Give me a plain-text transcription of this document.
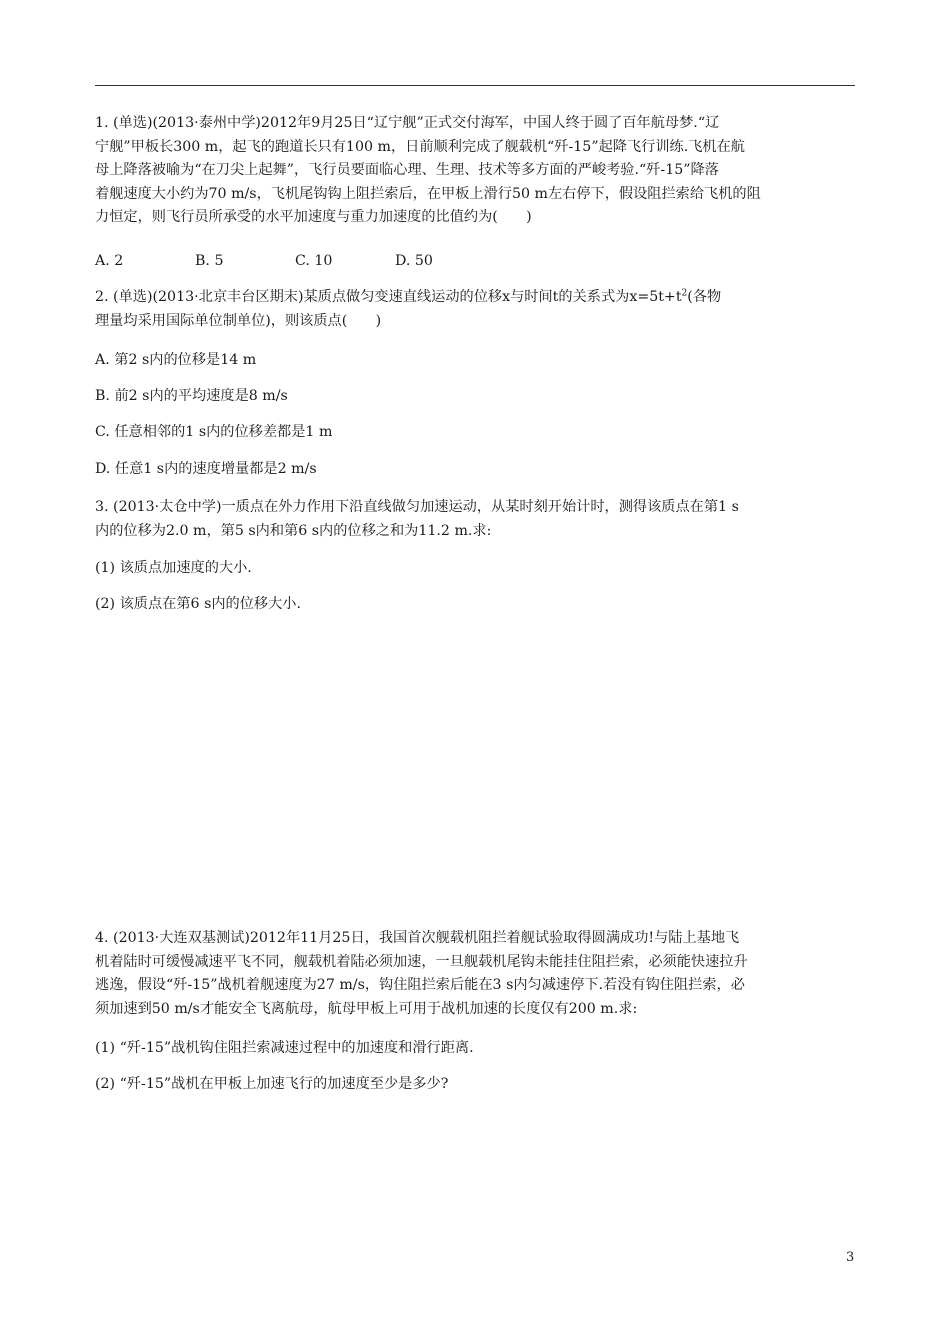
1. (单选)(2013·泰州中学)2012年9月25日“辽宁舰”正式交付海军，中国人终于圆了百年航母梦.“辽
宁舰”甲板长300 m，起飞的跑道长只有100 m，日前顺利完成了舰载机“歼-15”起降飞行训练.飞机在航
母上降落被喻为“在刀尖上起舞”，飞行员要面临心理、生理、技术等多方面的严峻考验.“歼-15”降落
着舰速度大小约为70 m/s，飞机尾钩钩上阻拦索后，在甲板上滑行50 m左右停下，假设阻拦索给飞机的阻
力恒定，则飞行员所承受的水平加速度与重力加速度的比值约为(　　)
A. 2	B. 5	C. 10	D. 50
2. (单选)(2013·北京丰台区期末)某质点做匀变速直线运动的位移x与时间t的关系式为$x=5t+t^2$(各物
理量均采用国际单位制单位)，则该质点(　　)
A. 第2 s内的位移是14 m
B. 前2 s内的平均速度是8 m/s
C. 任意相邻的1 s内的位移差都是1 m
D. 任意1 s内的速度增量都是2 m/s
3. (2013·太仓中学)一质点在外力作用下沿直线做匀加速运动，从某时刻开始计时，测得该质点在第1 s
内的位移为2.0 m，第5 s内和第6 s内的位移之和为11.2 m.求:
(1) 该质点加速度的大小.
(2) 该质点在第6 s内的位移大小.
4. (2013·大连双基测试)2012年11月25日，我国首次舰载机阻拦着舰试验取得圆满成功!与陆上基地飞
机着陆时可缓慢减速平飞不同，舰载机着陆必须加速，一旦舰载机尾钩未能挂住阻拦索，必须能快速拉升
逃逸，假设“歼-15”战机着舰速度为27 m/s，钩住阻拦索后能在3 s内匀减速停下.若没有钩住阻拦索，必
须加速到50 m/s才能安全飞离航母，航母甲板上可用于战机加速的长度仅有200 m.求:
(1) “歼-15”战机钩住阻拦索减速过程中的加速度和滑行距离.
(2) “歼-15”战机在甲板上加速飞行的加速度至少是多少?
3
